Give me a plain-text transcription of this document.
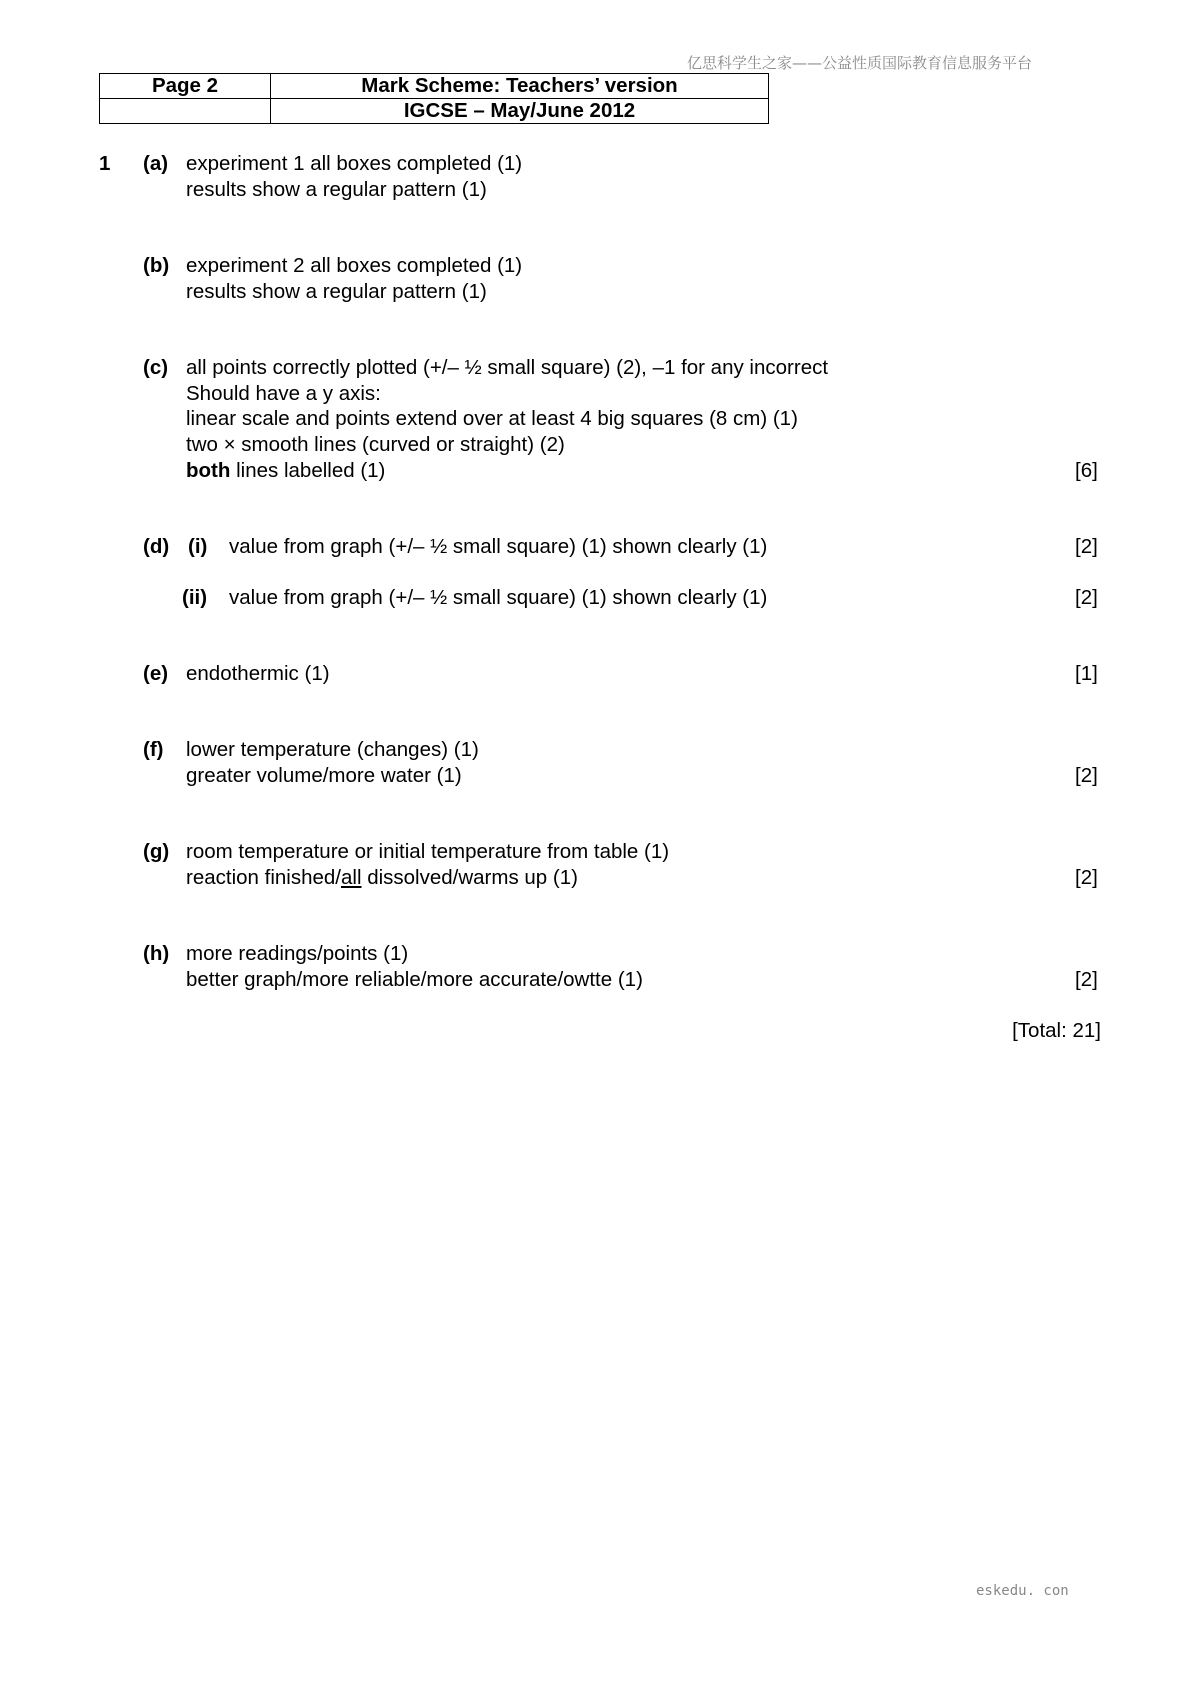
亿思科学生之家——公益性质国际教育信息服务平台
Page 2	Mark Scheme: Teachers’ version
	IGCSE – May/June 2012
1 (a) experiment 1 all boxes completed (1)
results show a regular pattern (1)
(b) experiment 2 all boxes completed (1)
results show a regular pattern (1)
(c) all points correctly plotted (+/– ½ small square) (2), –1 for any incorrect
Should have a y axis:
linear scale and points extend over at least 4 big squares (8 cm) (1)
two × smooth lines (curved or straight) (2)
both lines labelled (1)	[6]
(d) (i) value from graph (+/– ½ small square) (1) shown clearly (1)	[2]
(ii) value from graph (+/– ½ small square) (1) shown clearly (1)	[2]
(e) endothermic (1)	[1]
(f) lower temperature (changes) (1)
greater volume/more water (1)	[2]
(g) room temperature or initial temperature from table (1)
reaction finished/all dissolved/warms up (1)	[2]
(h) more readings/points (1)
better graph/more reliable/more accurate/owtte (1)	[2]
[Total: 21]
eskedu. con
